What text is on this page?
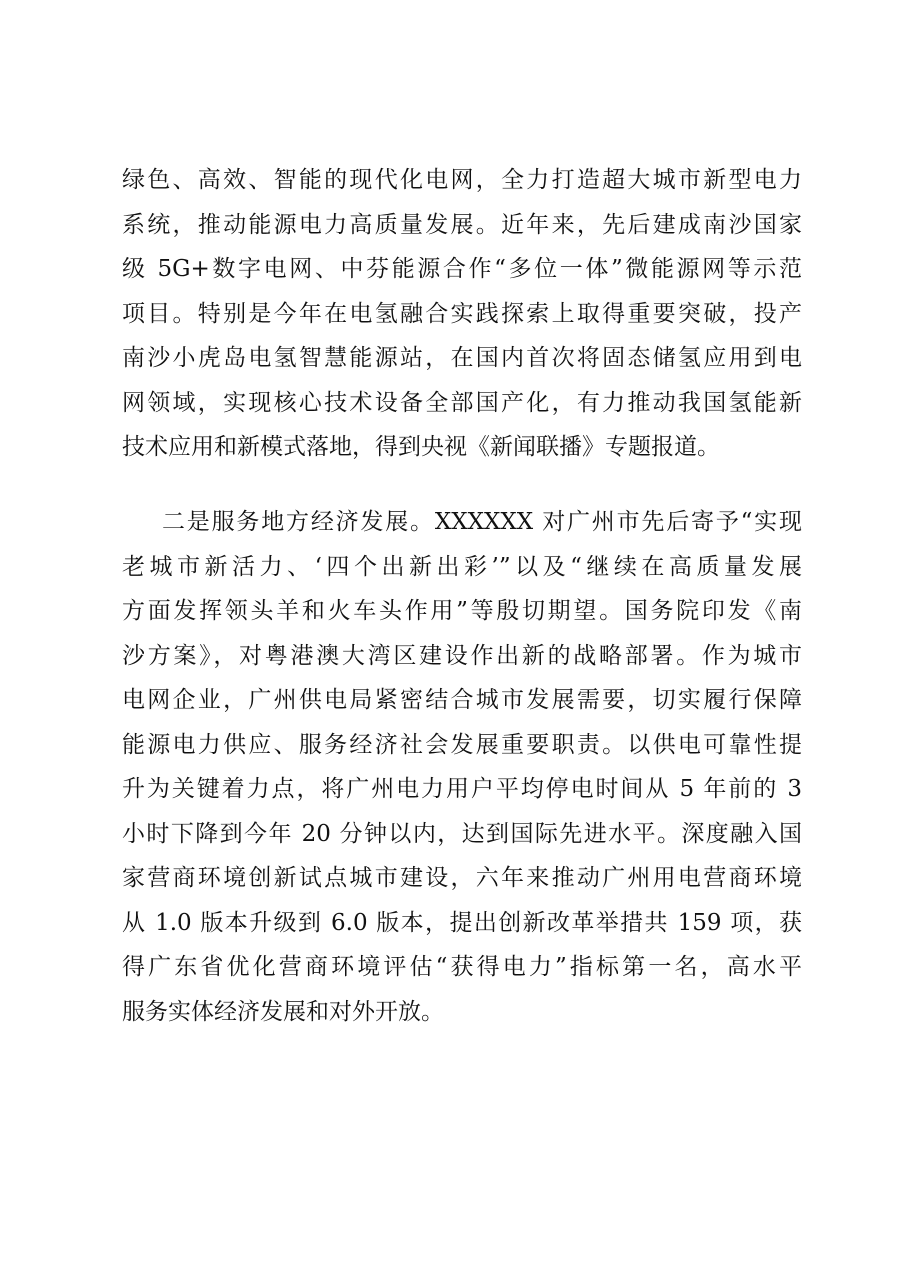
绿色、高效、智能的现代化电网，全力打造超大城市新型电力
系统，推动能源电力高质量发展。近年来，先后建成南沙国家
级 5G+数字电网、中芬能源合作“多位一体”微能源网等示范
项目。特别是今年在电氢融合实践探索上取得重要突破，投产
南沙小虎岛电氢智慧能源站，在国内首次将固态储氢应用到电
网领域，实现核心技术设备全部国产化，有力推动我国氢能新
技术应用和新模式落地，得到央视《新闻联播》专题报道。
二是服务地方经济发展。XXXXXX 对广州市先后寄予“实现
老城市新活力、‘四个出新出彩’”以及“继续在高质量发展
方面发挥领头羊和火车头作用”等殷切期望。国务院印发《南
沙方案》，对粤港澳大湾区建设作出新的战略部署。作为城市
电网企业，广州供电局紧密结合城市发展需要，切实履行保障
能源电力供应、服务经济社会发展重要职责。以供电可靠性提
升为关键着力点，将广州电力用户平均停电时间从 5 年前的 3
小时下降到今年 20 分钟以内，达到国际先进水平。深度融入国
家营商环境创新试点城市建设，六年来推动广州用电营商环境
从 1.0 版本升级到 6.0 版本，提出创新改革举措共 159 项，获
得广东省优化营商环境评估“获得电力”指标第一名，高水平
服务实体经济发展和对外开放。
